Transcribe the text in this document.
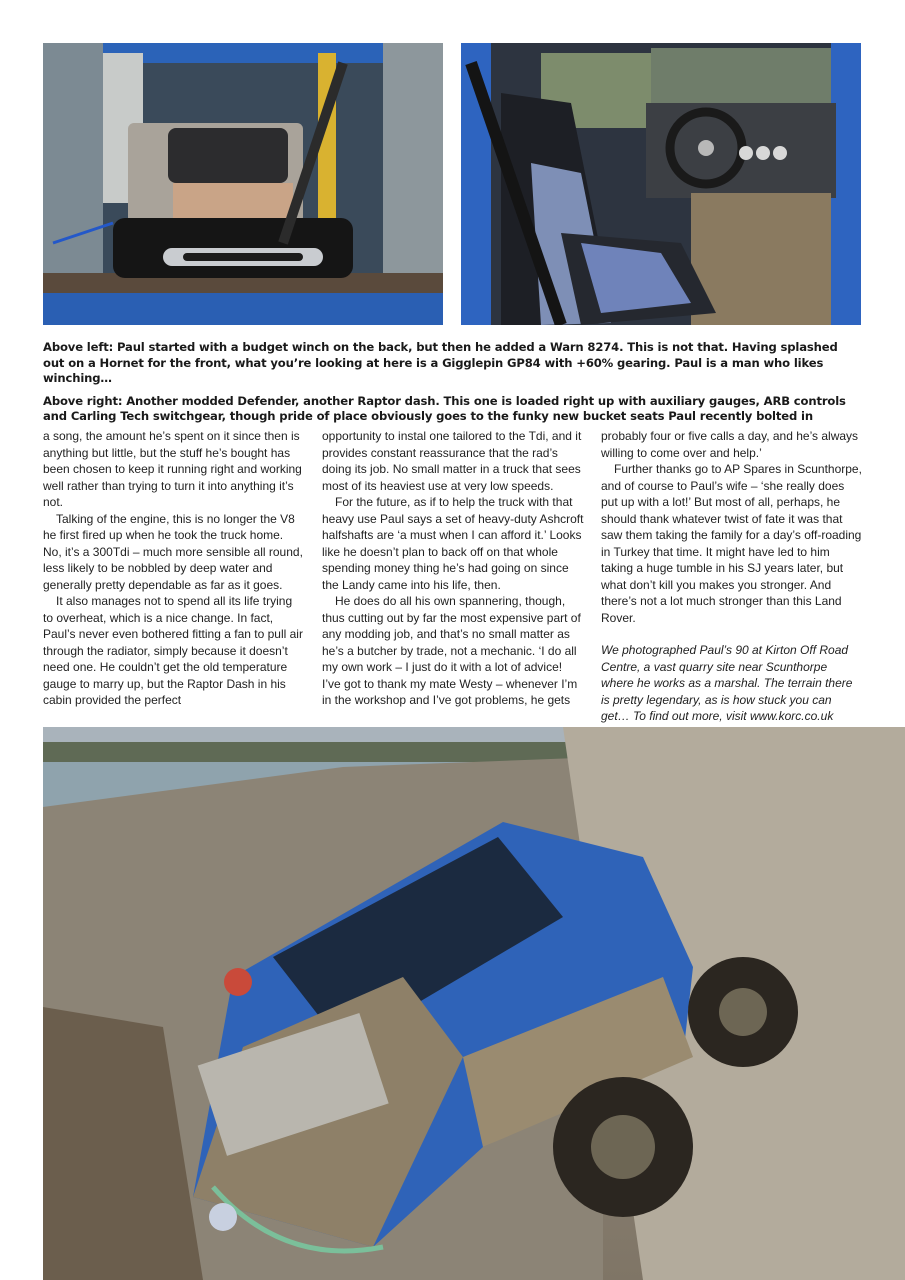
Above left: Paul started with a budget winch on the back, but then he added a Warn 8274. This is not that. Having splashed out on a Hornet for the front, what you’re looking at here is a Gigglepin GP84 with +60% gearing. Paul is a man who likes winching…

Above right: Another modded Defender, another Raptor dash. This one is loaded right up with auxiliary gauges, ARB controls and Carling Tech switchgear, though pride of place obviously goes to the funky new bucket seats Paul recently bolted in

a song, the amount he’s spent on it since then is anything but little, but the stuff he’s bought has been chosen to keep it running right and working well rather than trying to turn it into anything it’s not.

Talking of the engine, this is no longer the V8 he first fired up when he took the truck home. No, it’s a 300Tdi – much more sensible all round, less likely to be nobbled by deep water and generally pretty dependable as far as it goes.

It also manages not to spend all its life trying to overheat, which is a nice change. In fact, Paul’s never even bothered fitting a fan to pull air through the radiator, simply because it doesn’t need one. He couldn’t get the old temperature gauge to marry up, but the Raptor Dash in his cabin provided the perfect

opportunity to instal one tailored to the Tdi, and it provides constant reassurance that the rad’s doing its job. No small matter in a truck that sees most of its heaviest use at very low speeds.

For the future, as if to help the truck with that heavy use Paul says a set of heavy-duty Ashcroft halfshafts are ‘a must when I can afford it.’ Looks like he doesn’t plan to back off on that whole spending money thing he’s had going on since the Landy came into his life, then.

He does do all his own spannering, though, thus cutting out by far the most expensive part of any modding job, and that’s no small matter as he’s a butcher by trade, not a mechanic. ‘I do all my own work – I just do it with a lot of advice! I’ve got to thank my mate Westy – whenever I’m in the workshop and I’ve got problems, he gets

probably four or five calls a day, and he’s always willing to come over and help.’

Further thanks go to AP Spares in Scunthorpe, and of course to Paul’s wife – ‘she really does put up with a lot!’ But most of all, perhaps, he should thank whatever twist of fate it was that saw them taking the family for a day’s off-roading in Turkey that time. It might have led to him taking a huge tumble in his SJ years later, but what don’t kill you makes you stronger. And there’s not a lot much stronger than this Land Rover.

We photographed Paul’s 90 at Kirton Off Road Centre, a vast quarry site near Scunthorpe where he works as a marshal. The terrain there is pretty legendary, as is how stuck you can get… To find out more, visit www.korc.co.uk
